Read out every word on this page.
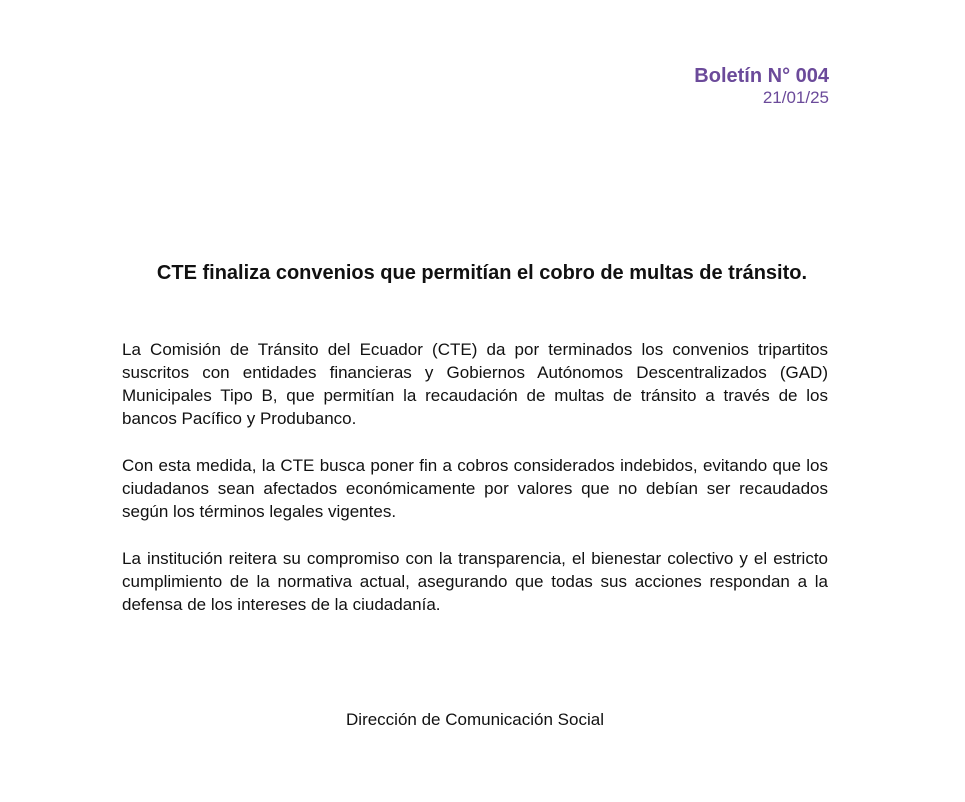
Boletín N° 004
21/01/25
CTE finaliza convenios que permitían el cobro de multas de tránsito.

La Comisión de Tránsito del Ecuador (CTE) da por terminados los convenios tripartitos suscritos con entidades financieras y Gobiernos Autónomos Descentralizados (GAD) Municipales Tipo B, que permitían la recaudación de multas de tránsito a través de los bancos Pacífico y Produbanco.

Con esta medida, la CTE busca poner fin a cobros considerados indebidos, evitando que los ciudadanos sean afectados económicamente por valores que no debían ser recaudados según los términos legales vigentes.

La institución reitera su compromiso con la transparencia, el bienestar colectivo y el estricto cumplimiento de la normativa actual, asegurando que todas sus acciones respondan a la defensa de los intereses de la ciudadanía.

Dirección de Comunicación Social
